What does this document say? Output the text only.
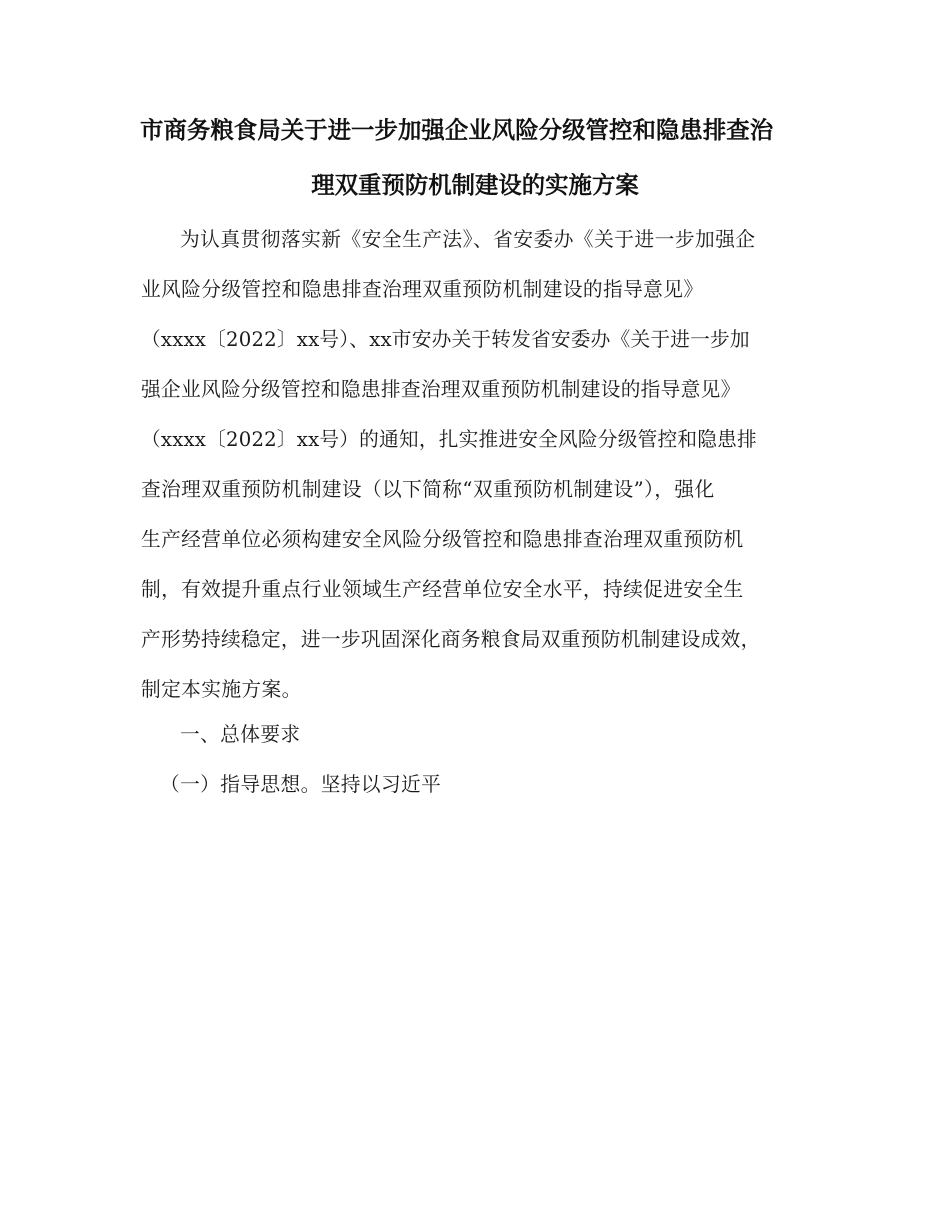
市商务粮食局关于进一步加强企业风险分级管控和隐患排查治
理双重预防机制建设的实施方案

为认真贯彻落实新《安全生产法》、省安委办《关于进一步加强企

业风险分级管控和隐患排查治理双重预防机制建设的指导意见》

（xxxx〔2022〕xx号）、xx市安办关于转发省安委办《关于进一步加

强企业风险分级管控和隐患排查治理双重预防机制建设的指导意见》

（xxxx〔2022〕xx号）的通知，扎实推进安全风险分级管控和隐患排

查治理双重预防机制建设（以下简称“双重预防机制建设”），强化

生产经营单位必须构建安全风险分级管控和隐患排查治理双重预防机

制，有效提升重点行业领域生产经营单位安全水平，持续促进安全生

产形势持续稳定，进一步巩固深化商务粮食局双重预防机制建设成效，

制定本实施方案。

一、总体要求

（一）指导思想。坚持以习近平
